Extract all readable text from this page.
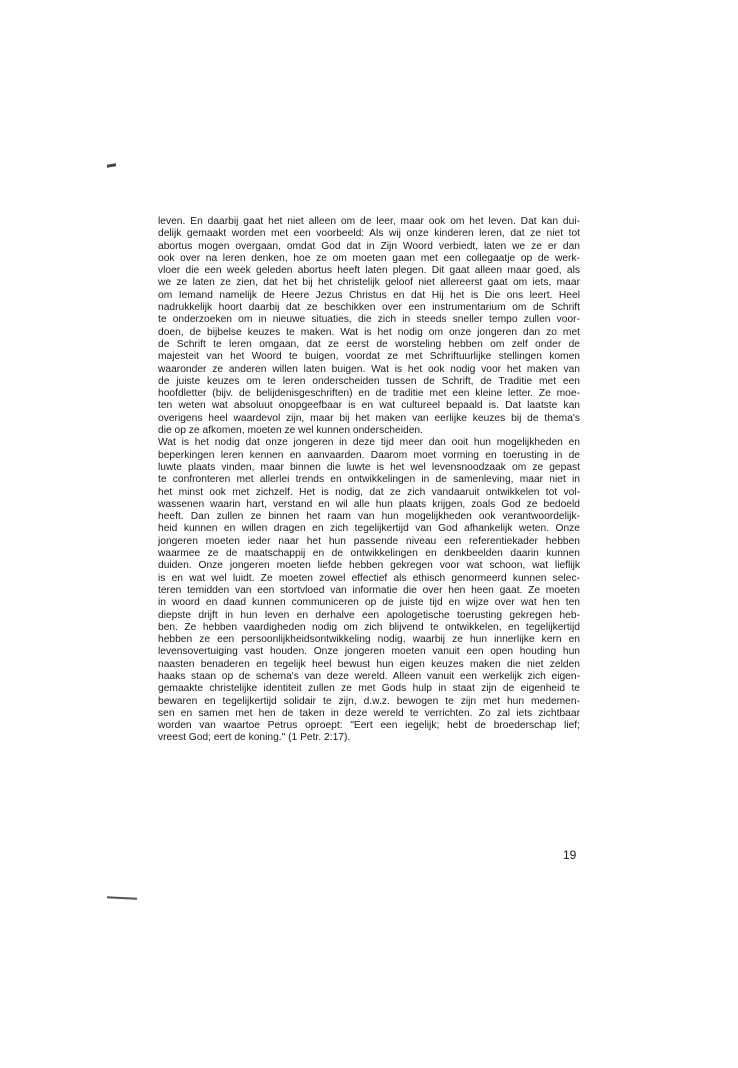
leven. En daarbij gaat het niet alleen om de leer, maar ook om het leven. Dat kan dui-
delijk gemaakt worden met een voorbeeld: Als wij onze kinderen leren, dat ze niet tot
abortus mogen overgaan, omdat God dat in Zijn Woord verbiedt, laten we ze er dan
ook over na leren denken, hoe ze om moeten gaan met een collegaatje op de werk-
vloer die een week geleden abortus heeft laten plegen. Dit gaat alleen maar goed, als
we ze laten ze zien, dat het bij het christelijk geloof niet allereerst gaat om iets, maar
om Iemand namelijk de Heere Jezus Christus en dat Hij het is Die ons leert. Heel
nadrukkelijk hoort daarbij dat ze beschikken over een instrumentarium om de Schrift
te onderzoeken om in nieuwe situaties, die zich in steeds sneller tempo zullen voor-
doen, de bijbelse keuzes te maken. Wat is het nodig om onze jongeren dan zo met
de Schrift te leren omgaan, dat ze eerst de worsteling hebben om zelf onder de
majesteit van het Woord te buigen, voordat ze met Schriftuurlijke stellingen komen
waaronder ze anderen willen laten buigen. Wat is het ook nodig voor het maken van
de juiste keuzes om te leren onderscheiden tussen de Schrift, de Traditie met een
hoofdletter (bijv. de belijdenisgeschriften) en de traditie met een kleine letter. Ze moe-
ten weten wat absoluut onopgeefbaar is en wat cultureel bepaald is. Dat laatste kan
overigens heel waardevol zijn, maar bij het maken van eerlijke keuzes bij de thema's
die op ze afkomen, moeten ze wel kunnen onderscheiden.
Wat is het nodig dat onze jongeren in deze tijd meer dan ooit hun mogelijkheden en
beperkingen leren kennen en aanvaarden. Daarom moet vorming en toerusting in de
luwte plaats vinden, maar binnen die luwte is het wel levensnoodzaak om ze gepast
te confronteren met allerlei trends en ontwikkelingen in de samenleving, maar niet in
het minst ook met zichzelf. Het is nodig, dat ze zich vandaaruit ontwikkelen tot vol-
wassenen waarin hart, verstand en wil alle hun plaats krijgen, zoals God ze bedoeld
heeft. Dan zullen ze binnen het raam van hun mogelijkheden ook verantwoordelijk-
heid kunnen en willen dragen en zich tegelijkertijd van God afhankelijk weten. Onze
jongeren moeten ieder naar het hun passende niveau een referentiekader hebben
waarmee ze de maatschappij en de ontwikkelingen en denkbeelden daarin kunnen
duiden. Onze jongeren moeten liefde hebben gekregen voor wat schoon, wat lieflijk
is en wat wel luidt. Ze moeten zowel effectief als ethisch genormeerd kunnen selec-
teren temidden van een stortvloed van informatie die over hen heen gaat. Ze moeten
in woord en daad kunnen communiceren op de juiste tijd en wijze over wat hen ten
diepste drijft in hun leven en derhalve een apologetische toerusting gekregen heb-
ben. Ze hebben vaardigheden nodig om zich blijvend te ontwikkelen, en tegelijkertijd
hebben ze een persoonlijkheidsontwikkeling nodig, waarbij ze hun innerlijke kern en
levensovertuiging vast houden. Onze jongeren moeten vanuit een open houding hun
naasten benaderen en tegelijk heel bewust hun eigen keuzes maken die niet zelden
haaks staan op de schema's van deze wereld. Alleen vanuit een werkelijk zich eigen-
gemaakte christelijke identiteit zullen ze met Gods hulp in staat zijn de eigenheid te
bewaren en tegelijkertijd solidair te zijn, d.w.z. bewogen te zijn met hun medemen-
sen en samen met hen de taken in deze wereld te verrichten. Zo zal iets zichtbaar
worden van waartoe Petrus oproept: "Eert een iegelijk; hebt de broederschap lief;
vreest God; eert de koning." (1 Petr. 2:17).
19
